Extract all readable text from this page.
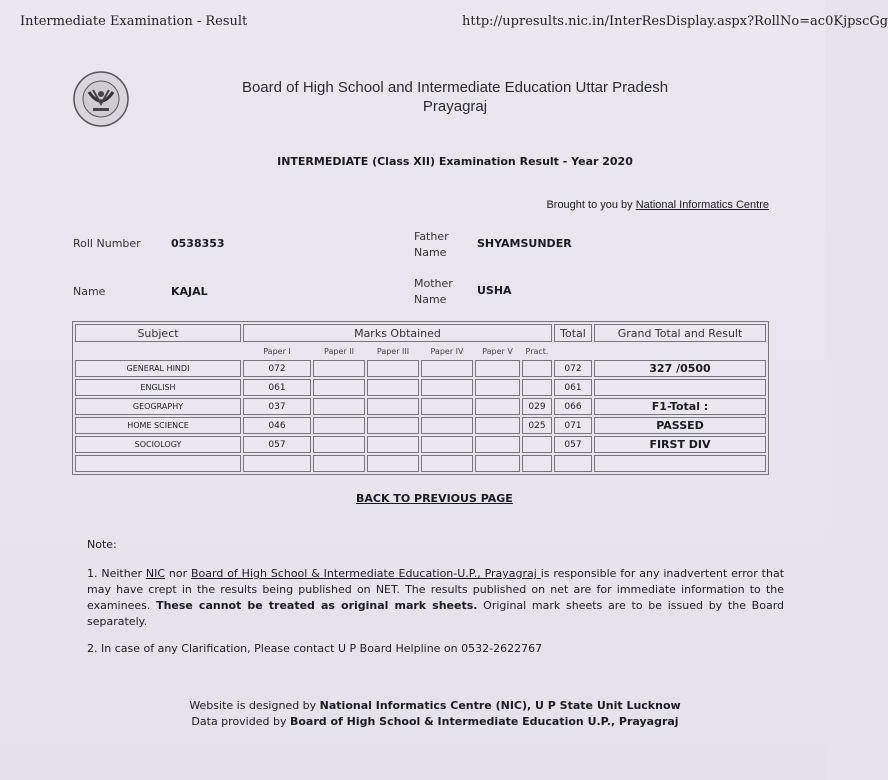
Intermediate Examination - Result	http://upresults.nic.in/InterResDisplay.aspx?RollNo=ac0KjpscGg
Board of High School and Intermediate Education Uttar Pradesh
Prayagraj
INTERMEDIATE (Class XII) Examination Result - Year 2020
Brought to you by National Informatics Centre
Roll Number	0538353
Father
Name
SHYAMSUNDER
Name	KAJAL
Mother
Name
USHA
Subject	Marks Obtained						Total	Grand Total and Result
	Paper I	Paper II	Paper III	Paper IV	Paper V	Pract.		
GENERAL HINDI	072						072	327 /0500
ENGLISH	061						061	
GEOGRAPHY	037					029	066	F1-Total :
HOME SCIENCE	046					025	071	PASSED
SOCIOLOGY	057						057	FIRST DIV

BACK TO PREVIOUS PAGE
Note:
1. Neither NIC nor Board of High School & Intermediate Education-U.P., Prayagraj is responsible for any inadvertent error that may have crept in the results being published on NET. The results published on net are for immediate information to the examinees. These cannot be treated as original mark sheets. Original mark sheets are to be issued by the Board separately.
2. In case of any Clarification, Please contact U P Board Helpline on 0532-2622767
Website is designed by National Informatics Centre (NIC), U P State Unit Lucknow
Data provided by Board of High School & Intermediate Education U.P., Prayagraj
